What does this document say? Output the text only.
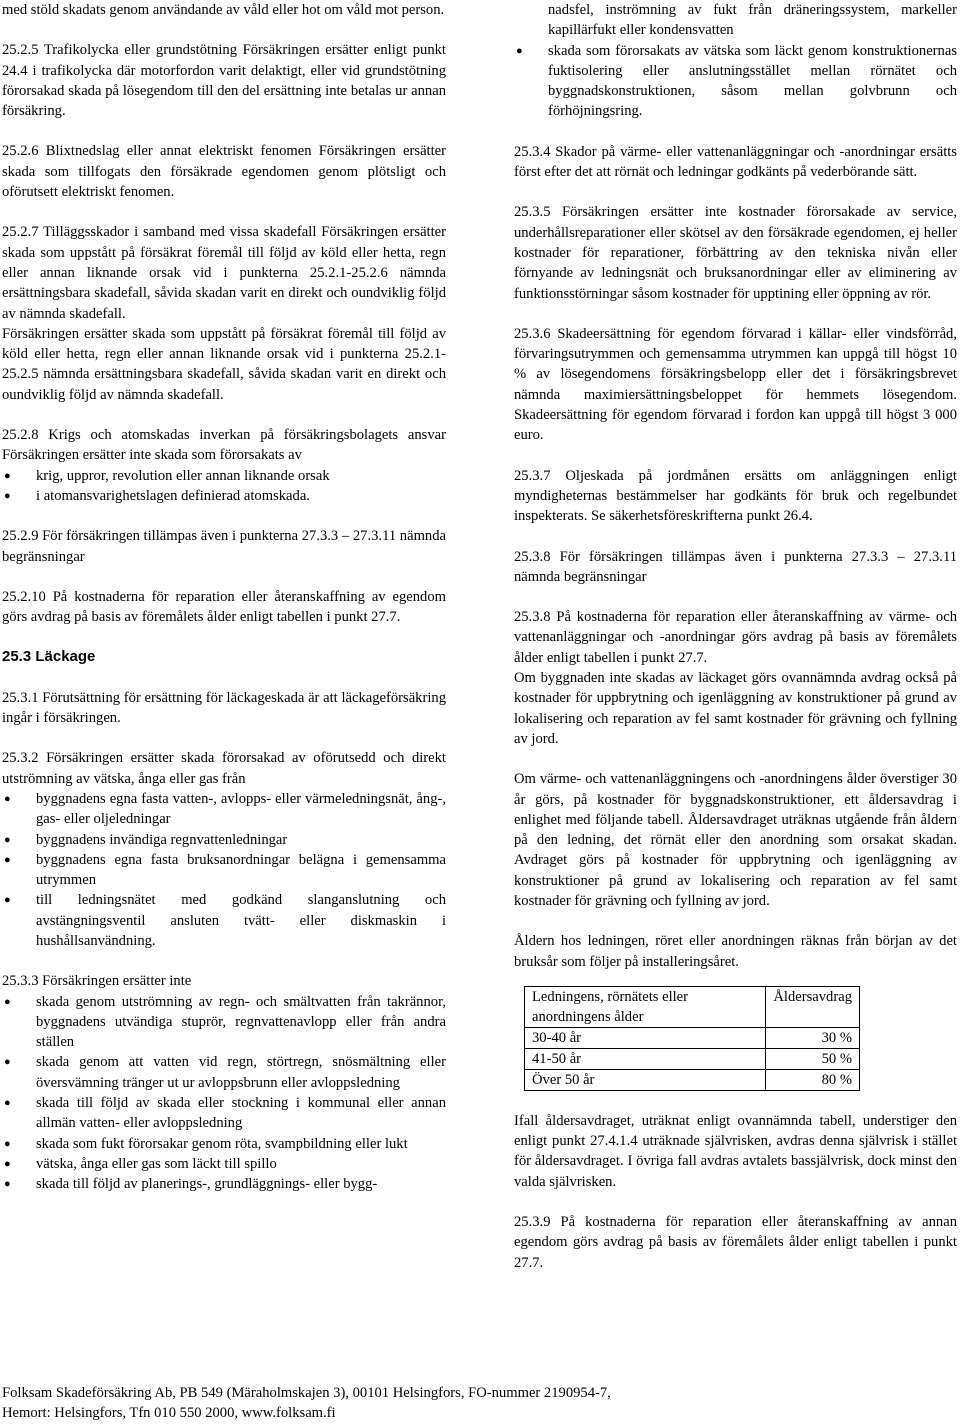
med stöld skadats genom användande av våld eller hot om våld mot person.

25.2.5 Trafikolycka eller grundstötning Försäkringen ersätter enligt punkt 24.4 i trafikolycka där motorfordon varit delaktigt, eller vid grundstötning förorsakad skada på lösegendom till den del ersättning inte betalas ur annan försäkring.

25.2.6 Blixtnedslag eller annat elektriskt fenomen Försäkringen ersätter skada som tillfogats den försäkrade egendomen genom plötsligt och oförutsett elektriskt fenomen.

25.2.7 Tilläggsskador i samband med vissa skadefall Försäkringen ersätter skada som uppstått på försäkrat föremål till följd av köld eller hetta, regn eller annan liknande orsak vid i punkterna 25.2.1-25.2.6 nämnda ersättningsbara skadefall, såvida skadan varit en direkt och oundviklig följd av nämnda skadefall.

Försäkringen ersätter skada som uppstått på försäkrat föremål till följd av köld eller hetta, regn eller annan liknande orsak vid i punkterna 25.2.1-25.2.5 nämnda ersättningsbara skadefall, såvida skadan varit en direkt och oundviklig följd av nämnda skadefall.

25.2.8 Krigs och atomskadas inverkan på försäkringsbolagets ansvar Försäkringen ersätter inte skada som förorsakats av

● krig, uppror, revolution eller annan liknande orsak
● i atomansvarighetslagen definierad atomskada.

25.2.9 För försäkringen tillämpas även i punkterna 27.3.3 – 27.3.11 nämnda begränsningar

25.2.10 På kostnaderna för reparation eller återanskaffning av egendom görs avdrag på basis av föremålets ålder enligt tabellen i punkt 27.7.

25.3 Läckage

25.3.1 Förutsättning för ersättning för läckageskada är att läckageförsäkring ingår i försäkringen.

25.3.2 Försäkringen ersätter skada förorsakad av oförutsedd och direkt utströmning av vätska, ånga eller gas från

● byggnadens egna fasta vatten-, avlopps- eller värmeledningsnät, ång-, gas- eller oljeledningar
● byggnadens invändiga regnvattenledningar
● byggnadens egna fasta bruksanordningar belägna i gemensamma utrymmen
● till ledningsnätet med godkänd slanganslutning och avstängningsventil ansluten tvätt- eller diskmaskin i hushållsanvändning.

25.3.3 Försäkringen ersätter inte

● skada genom utströmning av regn- och smältvatten från takrännor, byggnadens utvändiga stuprör, regnvattenavlopp eller från andra ställen
● skada genom att vatten vid regn, störtregn, snösmältning eller översvämning tränger ut ur avloppsbrunn eller avloppsledning
● skada till följd av skada eller stockning i kommunal eller annan allmän vatten- eller avloppsledning
● skada som fukt förorsakar genom röta, svampbildning eller lukt
● vätska, ånga eller gas som läckt till spillo
● skada till följd av planerings-, grundläggnings- eller bygg-

nadsfel, inströmning av fukt från dräneringssystem, markeller kapillärfukt eller kondensvatten

● skada som förorsakats av vätska som läckt genom konstruktionernas fuktisolering eller anslutningsstället mellan rörnätet och byggnadskonstruktionen, såsom mellan golvbrunn och förhöjningsring.

25.3.4 Skador på värme- eller vattenanläggningar och -anordningar ersätts först efter det att rörnät och ledningar godkänts på vederbörande sätt.

25.3.5 Försäkringen ersätter inte kostnader förorsakade av service, underhållsreparationer eller skötsel av den försäkrade egendomen, ej heller kostnader för reparationer, förbättring av den tekniska nivån eller förnyande av ledningsnät och bruksanordningar eller av eliminering av funktionsstörningar såsom kostnader för upptining eller öppning av rör.

25.3.6 Skadeersättning för egendom förvarad i källar- eller vindsförråd, förvaringsutrymmen och gemensamma utrymmen kan uppgå till högst 10 % av lösegendomens försäkringsbelopp eller det i försäkringsbrevet nämnda maximiersättningsbeloppet för hemmets lösegendom. Skadeersättning för egendom förvarad i fordon kan uppgå till högst 3 000 euro.

25.3.7 Oljeskada på jordmånen ersätts om anläggningen enligt myndigheternas bestämmelser har godkänts för bruk och regelbundet inspekterats. Se säkerhetsföreskrifterna punkt 26.4.

25.3.8 För försäkringen tillämpas även i punkterna 27.3.3 – 27.3.11 nämnda begränsningar

25.3.8 På kostnaderna för reparation eller återanskaffning av värme- och vattenanläggningar och -anordningar görs avdrag på basis av föremålets ålder enligt tabellen i punkt 27.7.

Om byggnaden inte skadas av läckaget görs ovannämnda avdrag också på kostnader för uppbrytning och igenläggning av konstruktioner på grund av lokalisering och reparation av fel samt kostnader för grävning och fyllning av jord.

Om värme- och vattenanläggningens och -anordningens ålder överstiger 30 år görs, på kostnader för byggnadskonstruktioner, ett åldersavdrag i enlighet med följande tabell. Åldersavdraget uträknas utgående från åldern på den ledning, det rörnät eller den anordning som orsakat skadan. Avdraget görs på kostnader för uppbrytning och igenläggning av konstruktioner på grund av lokalisering och reparation av fel samt kostnader för grävning och fyllning av jord.

Åldern hos ledningen, röret eller anordningen räknas från början av det bruksår som följer på installeringsåret.

Ledningens, rörnätets eller anordningens ålder	Åldersavdrag
30-40 år	30 %
41-50 år	50 %
Över 50 år	80 %

Ifall åldersavdraget, uträknat enligt ovannämnda tabell, understiger den enligt punkt 27.4.1.4 uträknade självrisken, avdras denna självrisk i stället för åldersavdraget. I övriga fall avdras avtalets bassjälvrisk, dock minst den valda självrisken.

25.3.9 På kostnaderna för reparation eller återanskaffning av annan egendom görs avdrag på basis av föremålets ålder enligt tabellen i punkt 27.7.

Folksam Skadeförsäkring Ab, PB 549 (Märaholmskajen 3), 00101 Helsingfors, FO-nummer 2190954-7,
Hemort: Helsingfors, Tfn 010 550 2000, www.folksam.fi
